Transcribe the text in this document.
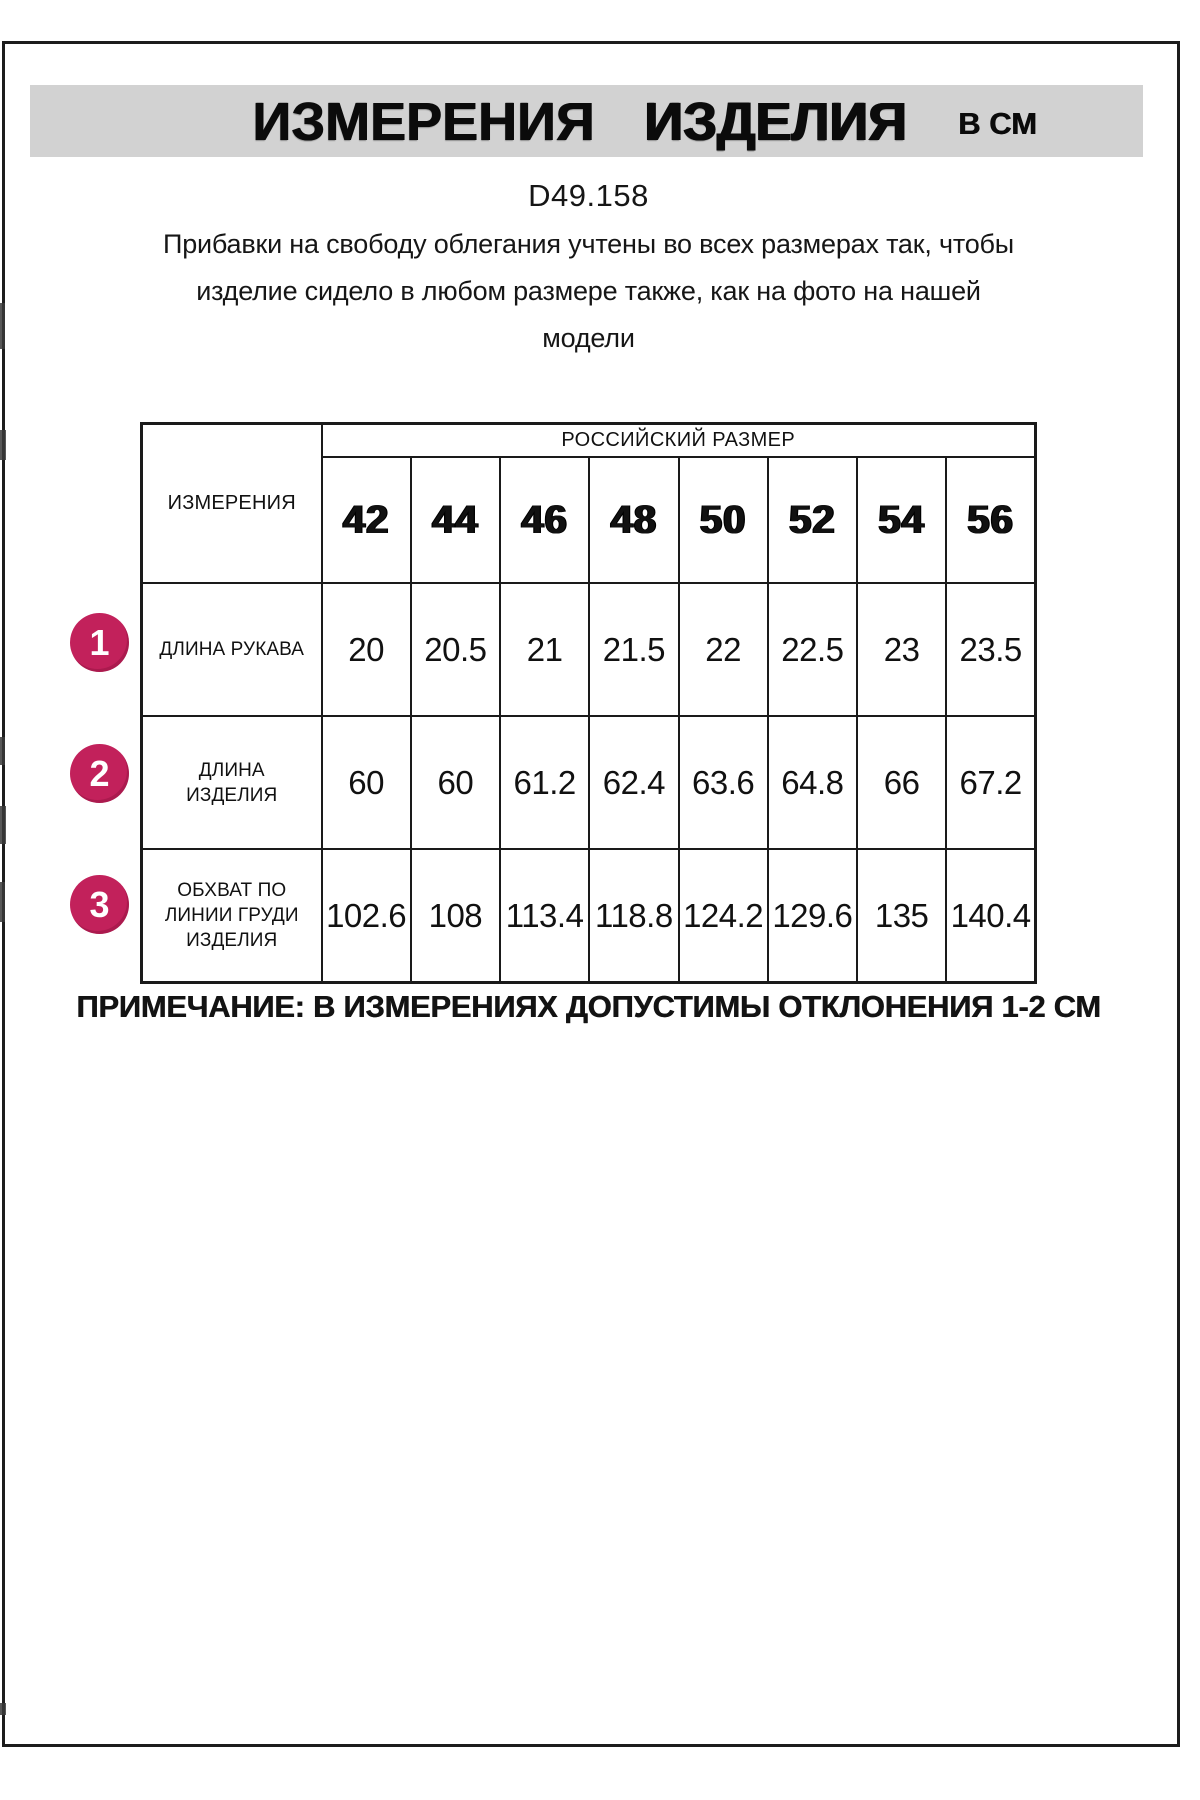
ИЗМЕРЕНИЯ ИЗДЕЛИЯ В СМ
D49.158
Прибавки на свободу облегания учтены во всех размерах так, чтобы
изделие сидело в любом размере также, как на фото на нашей
модели
ИЗМЕРЕНИЯ	РОССИЙСКИЙ РАЗМЕР							
	42	44	46	48	50	52	54	56

ДЛИНА РУКАВА	20	20.5	21	21.5	22	22.5	23	23.5

ДЛИНА
ИЗДЕЛИЯ	60	60	61.2	62.4	63.6	64.8	66	67.2

ОБХВАТ ПО
ЛИНИИ ГРУДИ
ИЗДЕЛИЯ	102.6	108	113.4	118.8	124.2	129.6	135	140.4
1
2
3
ПРИМЕЧАНИЕ: В ИЗМЕРЕНИЯХ ДОПУСТИМЫ ОТКЛОНЕНИЯ 1-2 СМ
